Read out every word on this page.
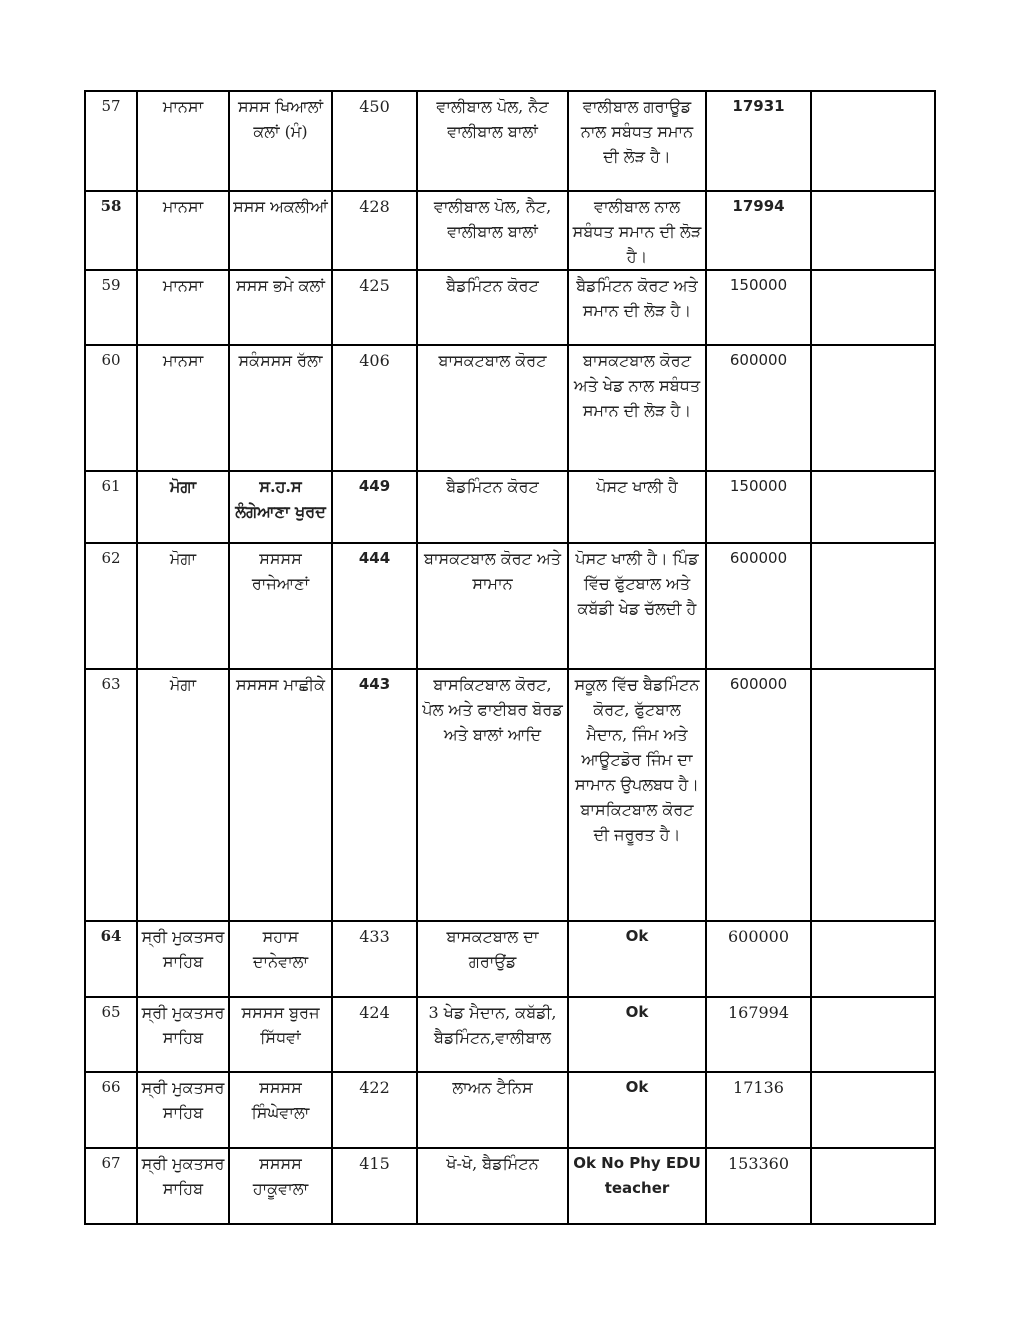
57	ਮਾਨਸਾ	ਸਸਸ ਖਿਆਲਾਂ ਕਲਾਂ (ਮੰ)	450	ਵਾਲੀਬਾਲ ਪੋਲ, ਨੈਟ ਵਾਲੀਬਾਲ ਬਾਲਾਂ	ਵਾਲੀਬਾਲ ਗਰਾਊਡ ਨਾਲ ਸਬੰਧਤ ਸਮਾਨ ਦੀ ਲੋੜ ਹੈ।	17931	
58	ਮਾਨਸਾ	ਸਸਸ ਅਕਲੀਆਂ	428	ਵਾਲੀਬਾਲ ਪੋਲ, ਨੈਟ, ਵਾਲੀਬਾਲ ਬਾਲਾਂ	ਵਾਲੀਬਾਲ ਨਾਲ ਸਬੰਧਤ ਸਮਾਨ ਦੀ ਲੋੜ ਹੈ।	17994	
59	ਮਾਨਸਾ	ਸਸਸ ਭਮੇ ਕਲਾਂ	425	ਬੈਡਮਿੰਟਨ ਕੋਰਟ	ਬੈਡਮਿੰਟਨ ਕੋਰਟ ਅਤੇ ਸਮਾਨ ਦੀ ਲੋੜ ਹੈ।	150000	
60	ਮਾਨਸਾ	ਸਕੰਸਸਸ ਰੱਲਾ	406	ਬਾਸਕਟਬਾਲ ਕੋਰਟ	ਬਾਸਕਟਬਾਲ ਕੋਰਟ ਅਤੇ ਖੇਡ ਨਾਲ ਸਬੰਧਤ ਸਮਾਨ ਦੀ ਲੋੜ ਹੈ।	600000	
61	ਮੋਗਾ	ਸ.ਹ.ਸ ਲੰਗੇਆਣਾ ਖੁਰਦ	449	ਬੈਡਮਿੰਟਨ ਕੋਰਟ	ਪੋਸਟ ਖਾਲੀ ਹੈ	150000	
62	ਮੋਗਾ	ਸਸਸਸ ਰਾਜੇਆਣਾਂ	444	ਬਾਸਕਟਬਾਲ ਕੋਰਟ ਅਤੇ ਸਾਮਾਨ	ਪੋਸਟ ਖਾਲੀ ਹੈ। ਪਿੰਡ ਵਿੱਚ ਫੁੱਟਬਾਲ ਅਤੇ ਕਬੱਡੀ ਖੇਡ ਚੱਲਦੀ ਹੈ	600000	
63	ਮੋਗਾ	ਸਸਸਸ ਮਾਛੀਕੇ	443	ਬਾਸਕਿਟਬਾਲ ਕੋਰਟ, ਪੋਲ ਅਤੇ ਫਾਈਬਰ ਬੋਰਡ ਅਤੇ ਬਾਲਾਂ ਆਦਿ	ਸਕੂਲ ਵਿੱਚ ਬੈਡਮਿੰਟਨ ਕੋਰਟ, ਫੁੱਟਬਾਲ ਮੈਦਾਨ, ਜਿੰਮ ਅਤੇ ਆਊਟਡੋਰ ਜਿੰਮ ਦਾ ਸਾਮਾਨ ਉਪਲਬਧ ਹੈ। ਬਾਸਕਿਟਬਾਲ ਕੋਰਟ ਦੀ ਜਰੂਰਤ ਹੈ।	600000	
64	ਸ੍ਰੀ ਮੁਕਤਸਰ ਸਾਹਿਬ	ਸਹਾਸ ਦਾਨੇਵਾਲਾ	433	ਬਾਸਕਟਬਾਲ ਦਾ ਗਰਾਉਂਡ	Ok	600000	
65	ਸ੍ਰੀ ਮੁਕਤਸਰ ਸਾਹਿਬ	ਸਸਸਸ ਬੁਰਜ ਸਿੱਧਵਾਂ	424	3 ਖੇਡ ਮੈਦਾਨ, ਕਬੱਡੀ, ਬੈਡਮਿੰਟਨ,ਵਾਲੀਬਾਲ	Ok	167994	
66	ਸ੍ਰੀ ਮੁਕਤਸਰ ਸਾਹਿਬ	ਸਸਸਸ ਸਿੰਘੇਵਾਲਾ	422	ਲਾਅਨ ਟੈਨਿਸ	Ok	17136	
67	ਸ੍ਰੀ ਮੁਕਤਸਰ ਸਾਹਿਬ	ਸਸਸਸ ਹਾਕੂਵਾਲਾ	415	ਖੋ-ਖੋ, ਬੈਡਮਿੰਟਨ	Ok No Phy EDU teacher	153360	
